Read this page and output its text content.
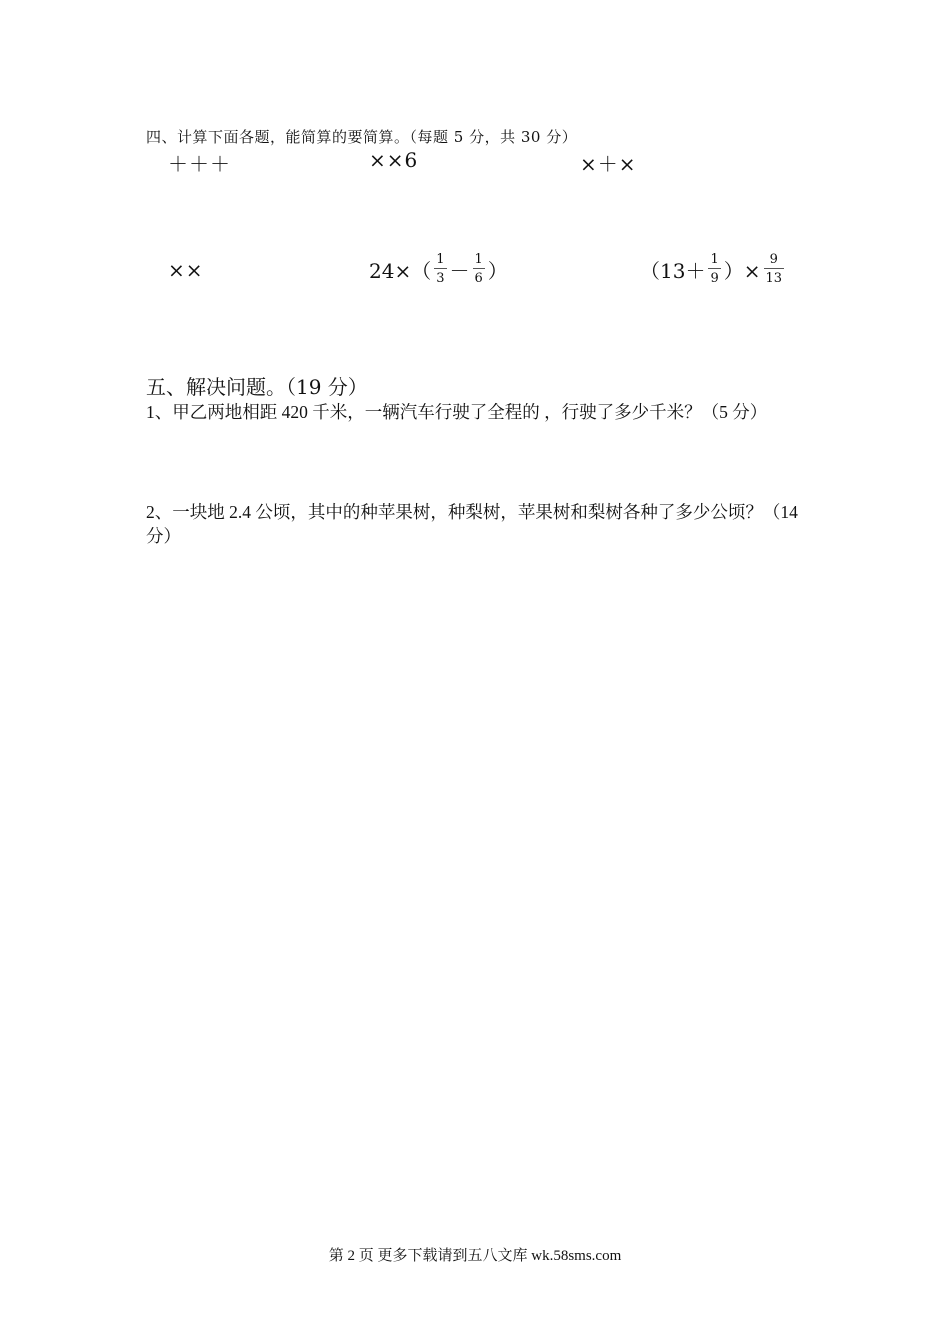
四、计算下面各题，能简算的要简算。（每题 5 分，共 30 分）
＋＋＋	××6	×＋×
××	$24\times( \frac{1}{3} - \frac{1}{6}$ ）	（$13+ \frac{1}{9}$ ）× $\frac{9}{13}$
五、解决问题。（19 分）
1、甲乙两地相距 420 千米，一辆汽车行驶了全程的 ，行驶了多少千米？（5 分）
2、一块地 2.4 公顷，其中的种苹果树，种梨树，苹果树和梨树各种了多少公顷？（14 分）
第 2 页 更多下载请到五八文库 wk.58sms.com
